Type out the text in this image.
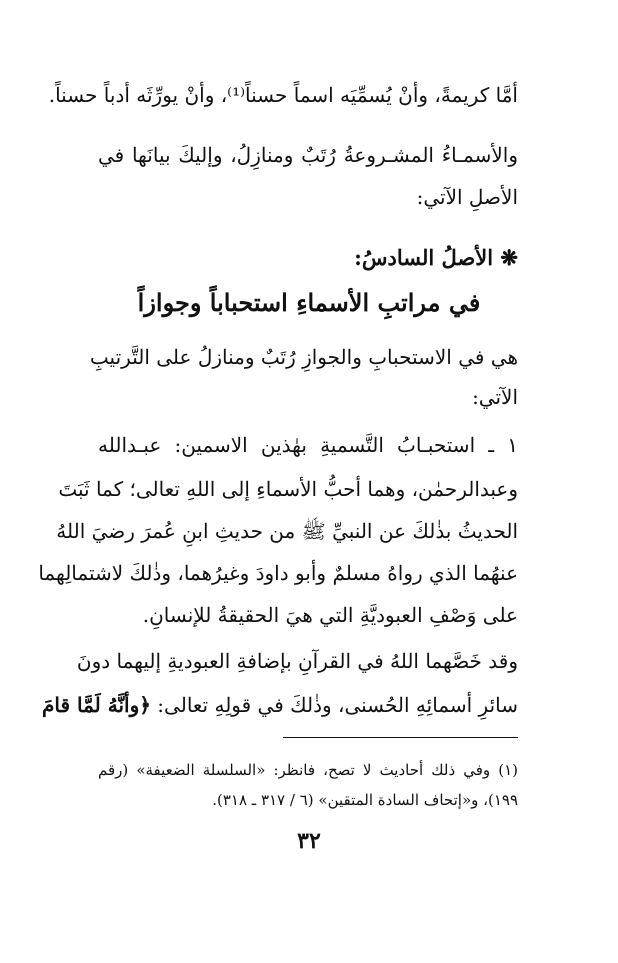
أمَّا كريمةً، وأنْ يُسمِّيَه اسماً حسناً⁽¹⁾، وأنْ يورِّثَه أدباً حسناً.
والأسمـاءُ المشـروعةُ رُتَبٌ ومنازِلُ، وإليكَ بيانَها في
الأصلِ الآتي:
❋ الأصلُ السادسُ:
في مراتبِ الأسماءِ استحباباً وجوازاً
هي في الاستحبابِ والجوازِ رُتَبٌ ومنازلُ على التَّرتيبِ
الآتي:
١ ـ استحبـابُ التَّسميةِ بهٰذين الاسمين: عبـدالله
وعبدالرحمٰن، وهما أحبُّ الأسماءِ إلى اللهِ تعالى؛ كما ثَبَتَ
الحديثُ بذٰلكَ عن النبيِّ ﷺ من حديثِ ابنِ عُمرَ رضيَ اللهُ
عنهُما الذي رواهُ مسلمٌ وأبو داودَ وغيرُهما، وذٰلكَ لاشتمالِهما
على وَصْفِ العبوديَّةِ التي هيَ الحقيقةُ للإنسانِ.
وقد خَصَّهما اللهُ في القرآنِ بإضافةِ العبوديةِ إليهما دونَ
سائرِ أسمائِهِ الحُسنى، وذٰلكَ في قولِهِ تعالى: ﴿وأنَّهُ لَمَّا قامَ
(١) وفي ذلك أحاديث لا تصح، فانظر: «السلسلة الضعيفة» (رقم
١٩٩)، و«إتحاف السادة المتقين» (٦ / ٣١٧ ـ ٣١٨).
٣٢
